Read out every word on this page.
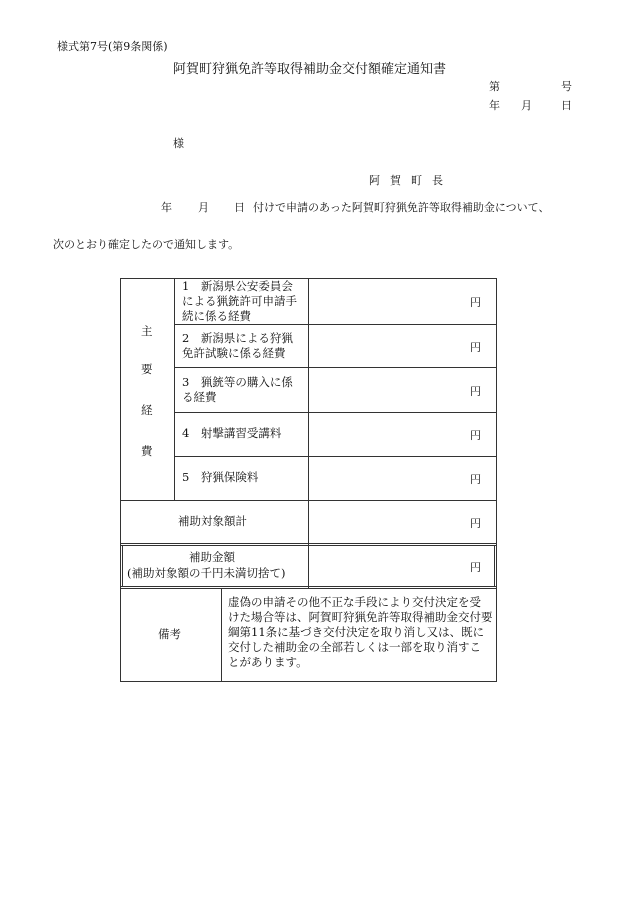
様式第7号(第9条関係)
阿賀町狩猟免許等取得補助金交付額確定通知書
第	号
年 月	日
様
阿賀町長
年 月 日 付けで申請のあった阿賀町狩猟免許等取得補助金について、
次のとおり確定したので通知します。
主
要
経
費
1　新潟県公安委員会
による猟銃許可申請手
続に係る経費
円
2　新潟県による狩猟
免許試験に係る経費	円
3　猟銃等の購入に係
る経費	円
4　射撃講習受講料	円
5　狩猟保険料	円
補助対象額計	円
補助金額
(補助対象額の千円未満切捨て)	円
備考
虚偽の申請その他不正な手段により交付決定を受
けた場合等は、阿賀町狩猟免許等取得補助金交付要
綱第11条に基づき交付決定を取り消し又は、既に
交付した補助金の全部若しくは一部を取り消すこ
とがあります。
